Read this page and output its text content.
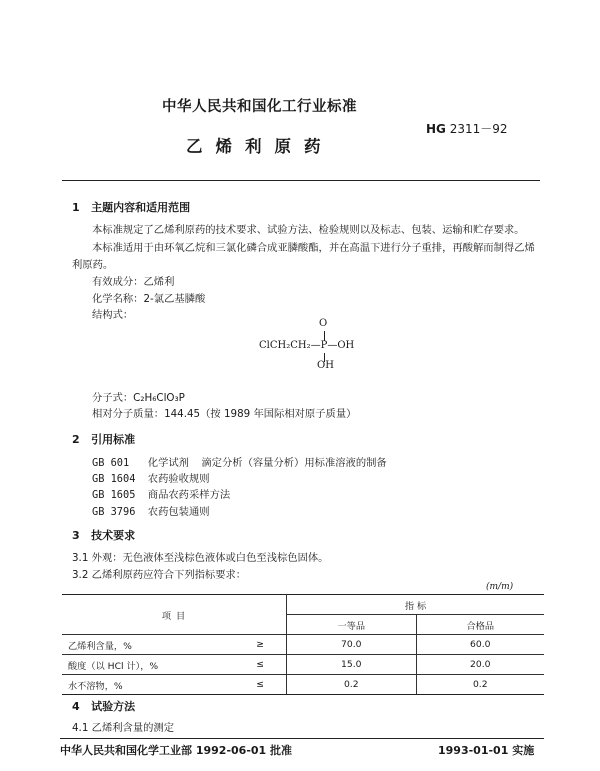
中华人民共和国化工行业标准
HG 2311－92
乙烯利原药
1 主题内容和适用范围
本标准规定了乙烯利原药的技术要求、试验方法、检验规则以及标志、包装、运输和贮存要求。
本标准适用于由环氧乙烷和三氯化磷合成亚膦酸酯，并在高温下进行分子重排，再酸解而制得乙烯
利原药。
有效成分：乙烯利
化学名称：2-氯乙基膦酸
结构式：
O
ClCH₂CH₂—P—OH
OH
分子式：C₂H₆ClO₃P
相对分子质量：144.45（按 1989 年国际相对原子质量）
2 引用标准
GB 601   化学试剂  滴定分析（容量分析）用标准溶液的制备
GB 1604  农药验收规则
GB 1605  商品农药采样方法
GB 3796  农药包装通则
3 技术要求
3.1 外观：无色液体至浅棕色液体或白色至浅棕色固体。
3.2 乙烯利原药应符合下列指标要求：
(m/m)
项 目		指 标	
		一等品	合格品
乙烯利含量，%	≥	70.0	60.0
酸度（以 HCl 计），%	≤	15.0	20.0
水不溶物，%	≤	0.2	0.2
4 试验方法
4.1 乙烯利含量的测定
中华人民共和国化学工业部 1992-06-01 批准	1993-01-01 实施
